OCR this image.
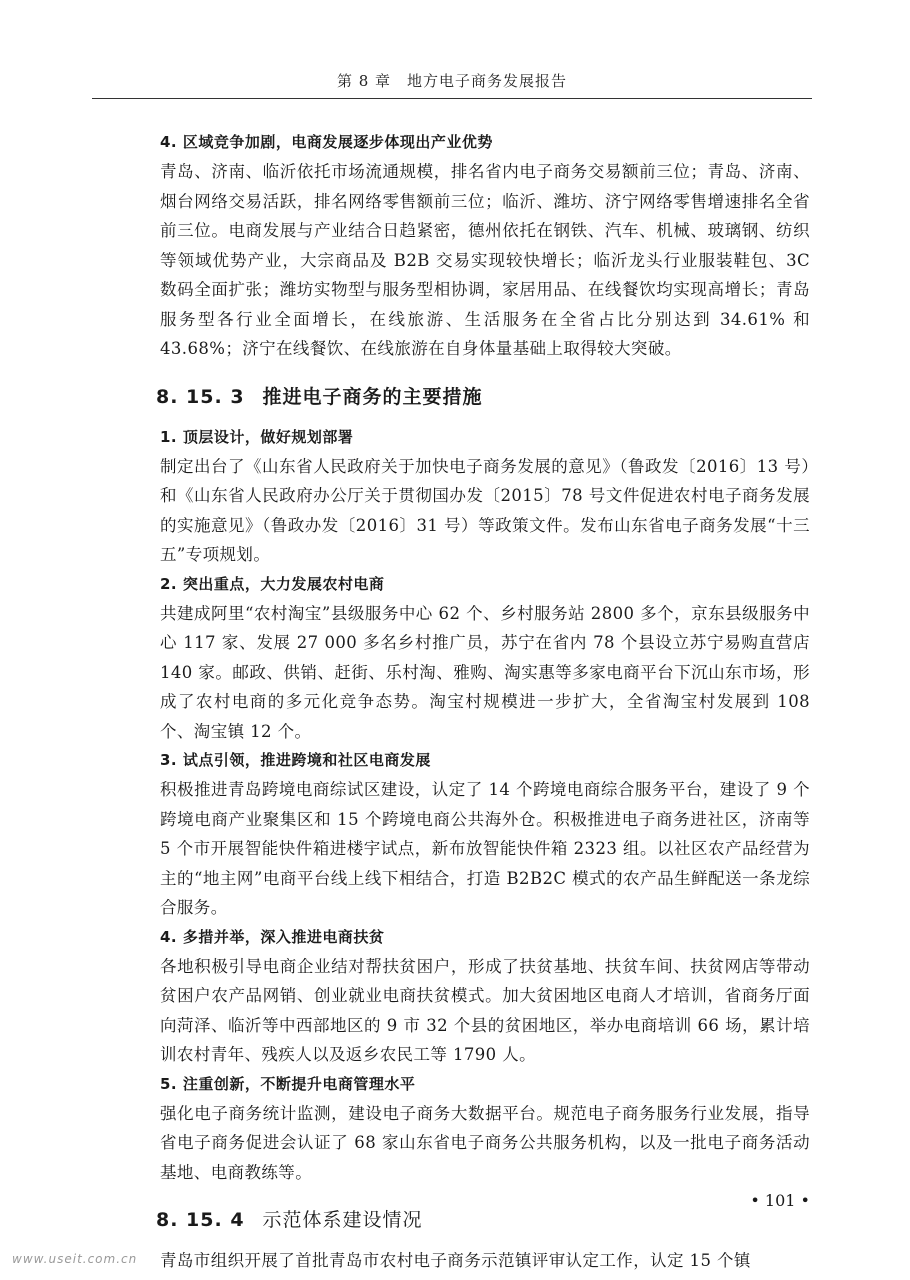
第 8 章　地方电子商务发展报告

4. 区域竞争加剧，电商发展逐步体现出产业优势

青岛、济南、临沂依托市场流通规模，排名省内电子商务交易额前三位；青岛、济南、烟台网络交易活跃，排名网络零售额前三位；临沂、潍坊、济宁网络零售增速排名全省前三位。电商发展与产业结合日趋紧密，德州依托在钢铁、汽车、机械、玻璃钢、纺织等领域优势产业，大宗商品及 B2B 交易实现较快增长；临沂龙头行业服装鞋包、3C 数码全面扩张；潍坊实物型与服务型相协调，家居用品、在线餐饮均实现高增长；青岛服务型各行业全面增长，在线旅游、生活服务在全省占比分别达到 34.61% 和 43.68%；济宁在线餐饮、在线旅游在自身体量基础上取得较大突破。

8. 15. 3 推进电子商务的主要措施

1. 顶层设计，做好规划部署

制定出台了《山东省人民政府关于加快电子商务发展的意见》（鲁政发〔2016〕13 号）和《山东省人民政府办公厅关于贯彻国办发〔2015〕78 号文件促进农村电子商务发展的实施意见》（鲁政办发〔2016〕31 号）等政策文件。发布山东省电子商务发展“十三五”专项规划。

2. 突出重点，大力发展农村电商

共建成阿里“农村淘宝”县级服务中心 62 个、乡村服务站 2800 多个，京东县级服务中心 117 家、发展 27 000 多名乡村推广员，苏宁在省内 78 个县设立苏宁易购直营店 140 家。邮政、供销、赶街、乐村淘、雅购、淘实惠等多家电商平台下沉山东市场，形成了农村电商的多元化竞争态势。淘宝村规模进一步扩大，全省淘宝村发展到 108 个、淘宝镇 12 个。

3. 试点引领，推进跨境和社区电商发展

积极推进青岛跨境电商综试区建设，认定了 14 个跨境电商综合服务平台，建设了 9 个跨境电商产业聚集区和 15 个跨境电商公共海外仓。积极推进电子商务进社区，济南等 5 个市开展智能快件箱进楼宇试点，新布放智能快件箱 2323 组。以社区农产品经营为主的“地主网”电商平台线上线下相结合，打造 B2B2C 模式的农产品生鲜配送一条龙综合服务。

4. 多措并举，深入推进电商扶贫

各地积极引导电商企业结对帮扶贫困户，形成了扶贫基地、扶贫车间、扶贫网店等带动贫困户农产品网销、创业就业电商扶贫模式。加大贫困地区电商人才培训，省商务厅面向菏泽、临沂等中西部地区的 9 市 32 个县的贫困地区，举办电商培训 66 场，累计培训农村青年、残疾人以及返乡农民工等 1790 人。

5. 注重创新，不断提升电商管理水平

强化电子商务统计监测，建设电子商务大数据平台。规范电子商务服务行业发展，指导省电子商务促进会认证了 68 家山东省电子商务公共服务机构，以及一批电子商务活动基地、电商教练等。

8. 15. 4 示范体系建设情况

青岛市组织开展了首批青岛市农村电子商务示范镇评审认定工作，认定 15 个镇

• 101 •
www.useit.com.cn
